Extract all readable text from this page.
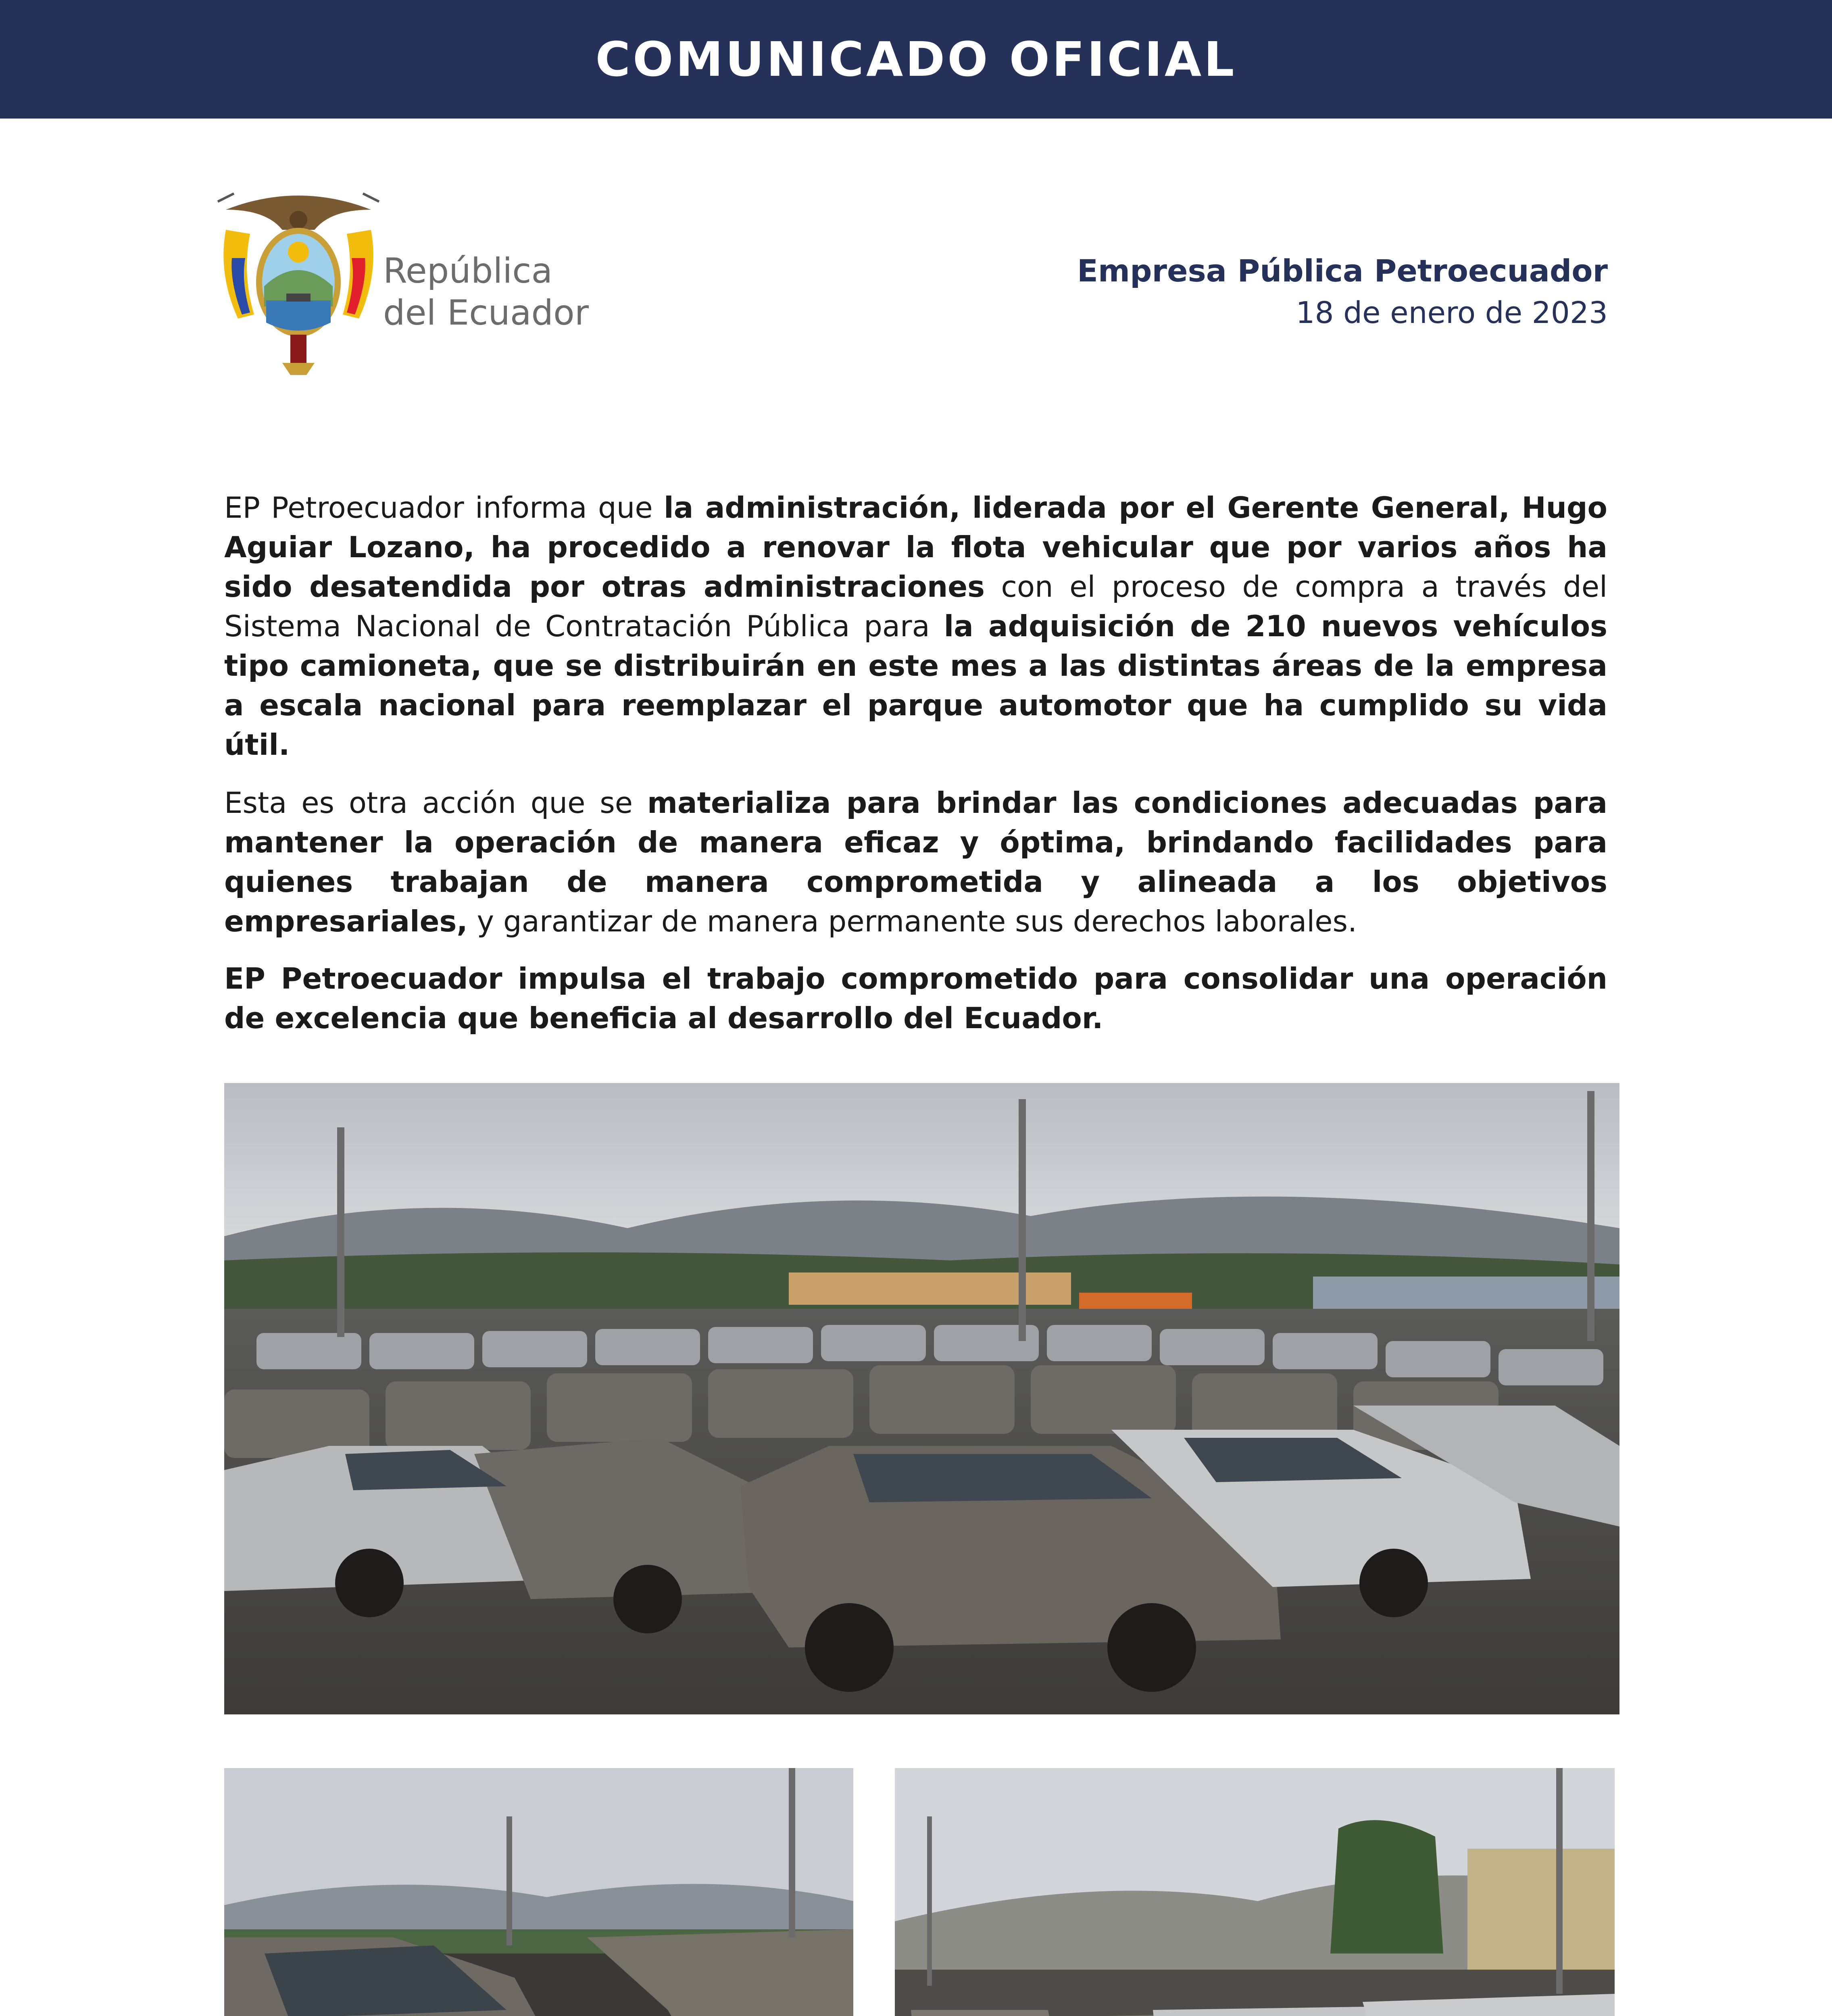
COMUNICADO OFICIAL
República
del Ecuador
Empresa Pública Petroecuador
18 de enero de 2023
EP Petroecuador informa que la administración, liderada por el Gerente General, Hugo Aguiar Lozano, ha procedido a renovar la flota vehicular que por varios años ha sido desatendida por otras administraciones con el proceso de compra a través del Sistema Nacional de Contratación Pública para la adquisición de 210 nuevos vehículos tipo camioneta, que se distribuirán en este mes a las distintas áreas de la empresa a escala nacional para reemplazar el parque automotor que ha cumplido su vida útil.
Esta es otra acción que se materializa para brindar las condiciones adecuadas para mantener la operación de manera eficaz y óptima, brindando facilidades para quienes trabajan de manera comprometida y alineada a los objetivos empresariales, y garantizar de manera permanente sus derechos laborales.
EP Petroecuador impulsa el trabajo comprometido para consolidar una operación de excelencia que beneficia al desarrollo del Ecuador.
